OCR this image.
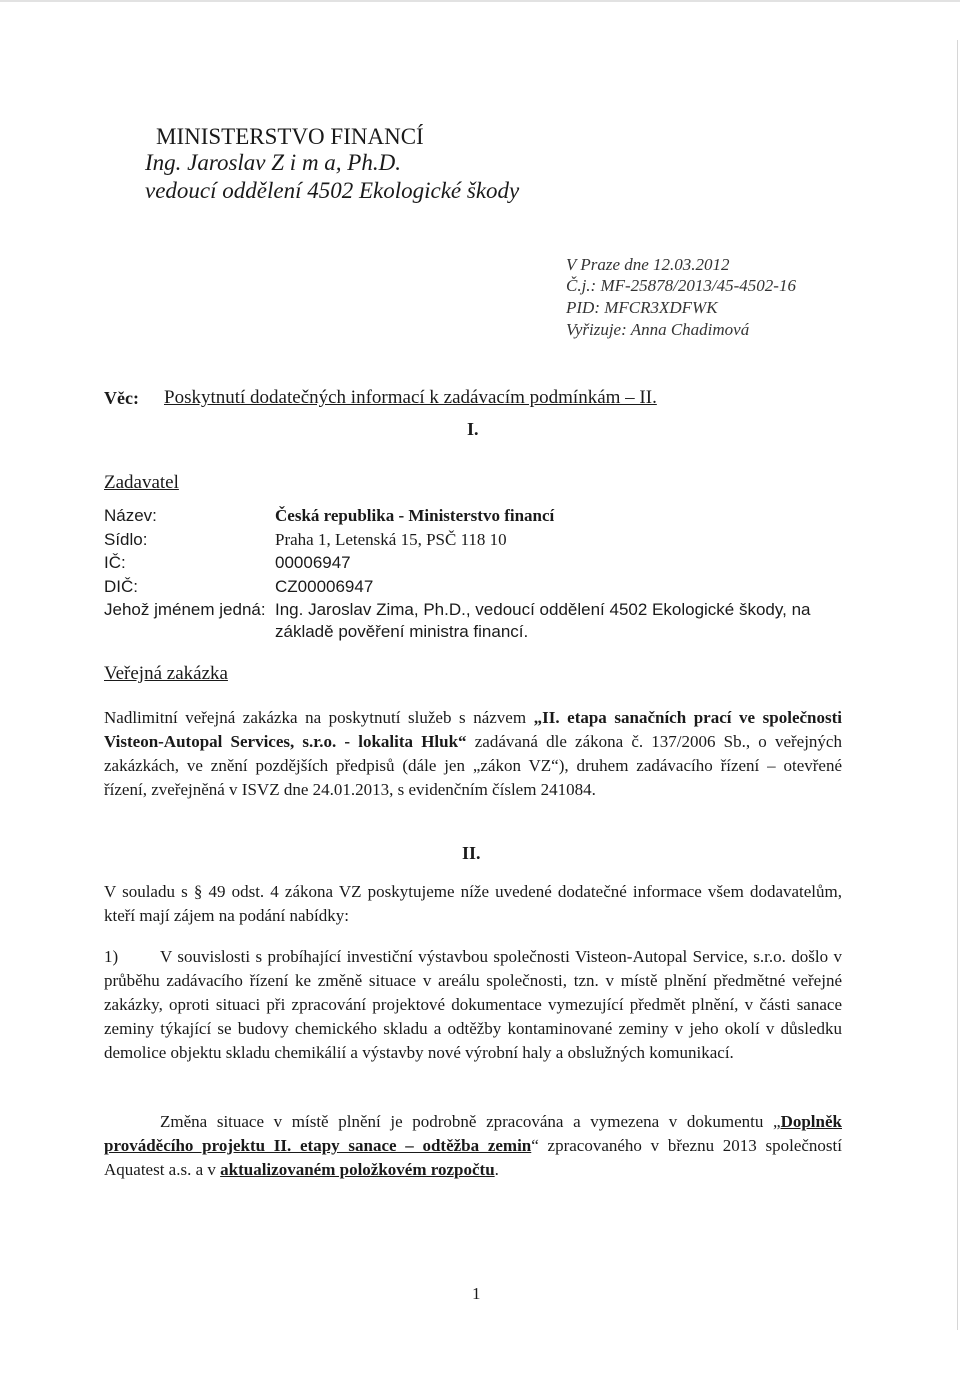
MINISTERSTVO FINANCÍ
Ing. Jaroslav Z i m a, Ph.D.
vedoucí oddělení 4502 Ekologické škody
V Praze dne 12.03.2012
Č.j.: MF-25878/2013/45-4502-16
PID: MFCR3XDFWK
Vyřizuje: Anna Chadimová
Věc: Poskytnutí dodatečných informací k zadávacím podmínkám – II.
I.
Zadavatel
Název:	Česká republika - Ministerstvo financí
Sídlo:	Praha 1, Letenská 15, PSČ 118 10
IČ:	00006947
DIČ:	CZ00006947
Jehož jménem jedná: Ing. Jaroslav Zima, Ph.D., vedoucí oddělení 4502 Ekologické škody, na
základě pověření ministra financí.
Veřejná zakázka
Nadlimitní veřejná zakázka na poskytnutí služeb s názvem „II. etapa sanačních prací ve společnosti Visteon-Autopal Services, s.r.o. - lokalita Hluk“ zadávaná dle zákona č. 137/2006 Sb., o veřejných zakázkách, ve znění pozdějších předpisů (dále jen „zákon VZ“), druhem zadávacího řízení – otevřené řízení, zveřejněná v ISVZ dne 24.01.2013, s evidenčním číslem 241084.
II.
V souladu s § 49 odst. 4 zákona VZ poskytujeme níže uvedené dodatečné informace všem dodavatelům, kteří mají zájem na podání nabídky:
1) V souvislosti s probíhající investiční výstavbou společnosti Visteon-Autopal Service, s.r.o. došlo v průběhu zadávacího řízení ke změně situace v areálu společnosti, tzn. v místě plnění předmětné veřejné zakázky, oproti situaci při zpracování projektové dokumentace vymezující předmět plnění, v části sanace zeminy týkající se budovy chemického skladu a odtěžby kontaminované zeminy v jeho okolí v důsledku demolice objektu skladu chemikálií a výstavby nové výrobní haly a obslužných komunikací.
Změna situace v místě plnění je podrobně zpracována a vymezena v dokumentu „Doplněk prováděcího projektu II. etapy sanace – odtěžba zemin“ zpracovaného v březnu 2013 společností Aquatest a.s. a v aktualizovaném položkovém rozpočtu.
1
